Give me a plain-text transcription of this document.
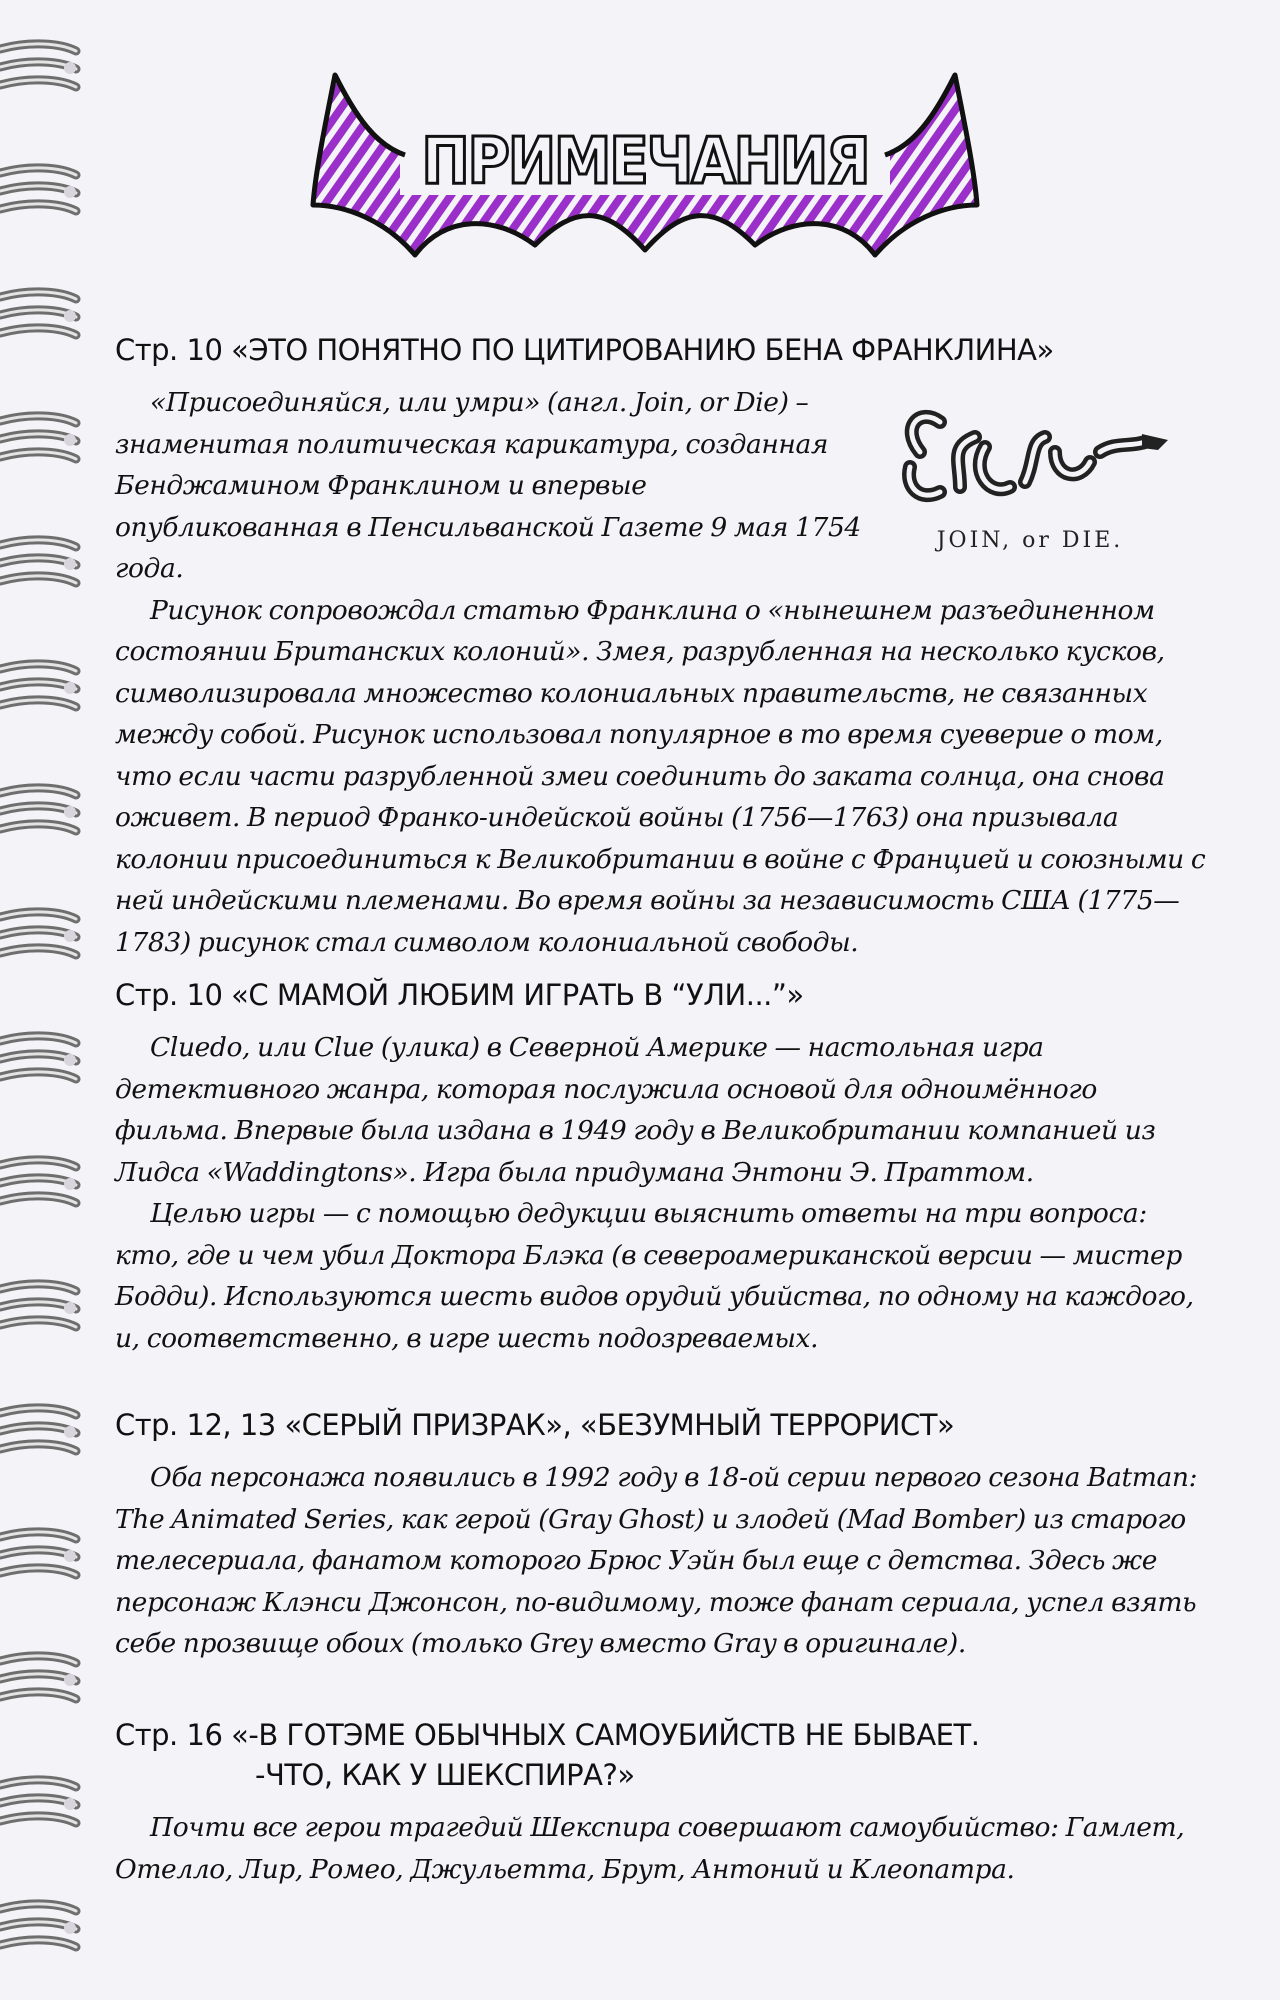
ПРИМЕЧАНИЯ
Стр. 10 «ЭТО ПОНЯТНО ПО ЦИТИРОВАНИЮ БЕНА ФРАНКЛИНА»

«Присоединяйся, или умри» (англ. Join, or Die) – знаменитая политическая карикатура, созданная Бенджамином Франклином и впервые опубликованная в Пенсильванской Газете 9 мая 1754 года.

Рисунок сопровождал статью Франклина о «нынешнем разъединенном состоянии Британских колоний». Змея, разрубленная на несколько кусков, символизировала множество колониальных правительств, не связанных между собой. Рисунок использовал популярное в то время суеверие о том, что если части разрубленной змеи соединить до заката солнца, она снова оживет. В период Франко-индейской войны (1756—1763) она призывала колонии присоединиться к Великобритании в войне с Францией и союзными с ней индейскими племенами. Во время войны за независимость США (1775—1783) рисунок стал символом колониальной свободы.

JOIN, or DIE.
Стр. 10 «С МАМОЙ ЛЮБИМ ИГРАТЬ В “УЛИ...”»

Cluedo, или Clue (улика) в Северной Америке — настольная игра детективного жанра, которая послужила основой для одноимённого фильма. Впервые была издана в 1949 году в Великобритании компанией из Лидса «Waddingtons». Игра была придумана Энтони Э. Праттом.

Целью игры — с помощью дедукции выяснить ответы на три вопроса: кто, где и чем убил Доктора Блэка (в североамериканской версии — мистер Бодди). Используются шесть видов орудий убийства, по одному на каждого, и, соответственно, в игре шесть подозреваемых.

Стр. 12, 13 «СЕРЫЙ ПРИЗРАК», «БЕЗУМНЫЙ ТЕРРОРИСТ»

Оба персонажа появились в 1992 году в 18-ой серии первого сезона Batman: The Animated Series, как герой (Gray Ghost) и злодей (Mad Bomber) из старого телесериала, фанатом которого Брюс Уэйн был еще с детства. Здесь же персонаж Клэнси Джонсон, по-видимому, тоже фанат сериала, успел взять себе прозвище обоих (только Grey вместо Gray в оригинале).

Стр. 16 «-В ГОТЭМЕ ОБЫЧНЫХ САМОУБИЙСТВ НЕ БЫВАЕТ.
-ЧТО, КАК У ШЕКСПИРА?»

Почти все герои трагедий Шекспира совершают самоубийство: Гамлет, Отелло, Лир, Ромео, Джульетта, Брут, Антоний и Клеопатра.
